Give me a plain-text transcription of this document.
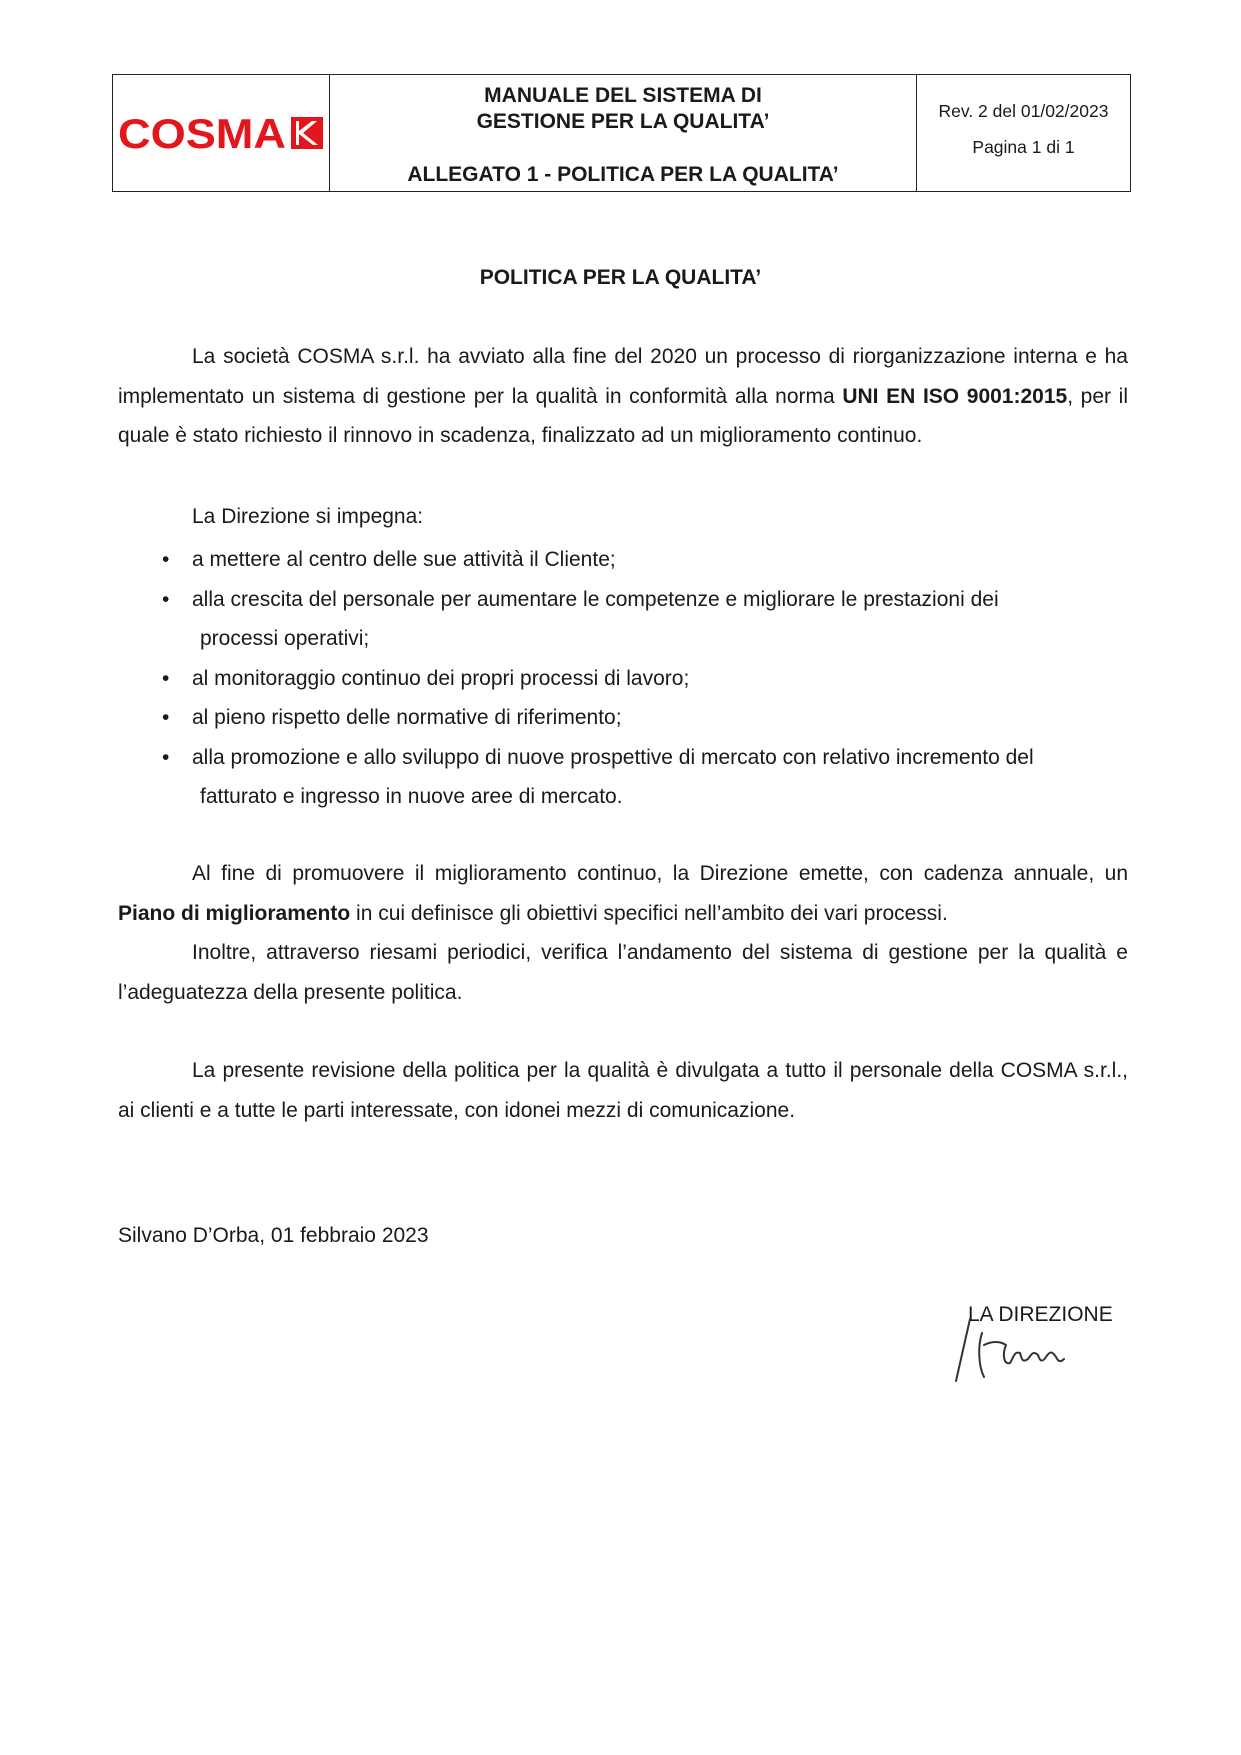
COSMA
MANUALE DEL SISTEMA DI
GESTIONE PER LA QUALITA’
ALLEGATO 1 - POLITICA PER LA QUALITA’
Rev. 2 del 01/02/2023
Pagina 1 di 1
POLITICA PER LA QUALITA’
La società COSMA s.r.l. ha avviato alla fine del 2020 un processo di riorganizzazione interna e ha implementato un sistema di gestione per la qualità in conformità alla norma UNI EN ISO 9001:2015, per il quale è stato richiesto il rinnovo in scadenza, finalizzato ad un miglioramento continuo.
La Direzione si impegna:
• a mettere al centro delle sue attività il Cliente;
• alla crescita del personale per aumentare le competenze e migliorare le prestazioni dei
processi operativi;
• al monitoraggio continuo dei propri processi di lavoro;
• al pieno rispetto delle normative di riferimento;
• alla promozione e allo sviluppo di nuove prospettive di mercato con relativo incremento del
fatturato e ingresso in nuove aree di mercato.
Al fine di promuovere il miglioramento continuo, la Direzione emette, con cadenza annuale, un Piano di miglioramento in cui definisce gli obiettivi specifici nell’ambito dei vari processi.
Inoltre, attraverso riesami periodici, verifica l’andamento del sistema di gestione per la qualità e l’adeguatezza della presente politica.
La presente revisione della politica per la qualità è divulgata a tutto il personale della COSMA s.r.l., ai clienti e a tutte le parti interessate, con idonei mezzi di comunicazione.
Silvano D’Orba, 01 febbraio 2023
LA DIREZIONE
